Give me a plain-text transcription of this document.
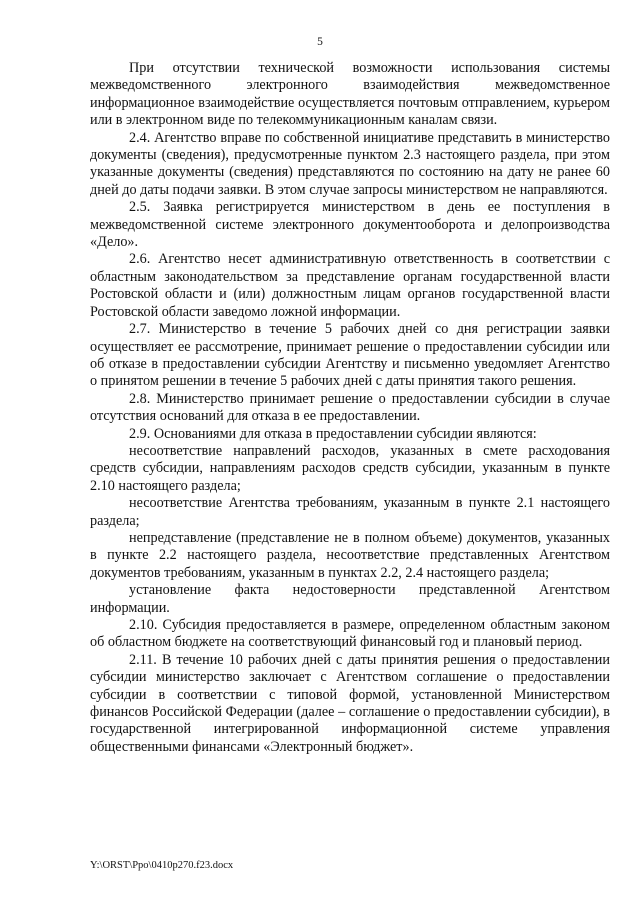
5

При отсутствии технической возможности использования системы межведомственного электронного взаимодействия межведомственное информационное взаимодействие осуществляется почтовым отправлением, курьером или в электронном виде по телекоммуникационным каналам связи.

2.4. Агентство вправе по собственной инициативе представить в министерство документы (сведения), предусмотренные пунктом 2.3 настоящего раздела, при этом указанные документы (сведения) представляются по состоянию на дату не ранее 60 дней до даты подачи заявки. В этом случае запросы министерством не направляются.

2.5. Заявка регистрируется министерством в день ее поступления в межведомственной системе электронного документооборота и делопроизводства «Дело».

2.6. Агентство несет административную ответственность в соответствии с областным законодательством за представление органам государственной власти Ростовской области и (или) должностным лицам органов государственной власти Ростовской области заведомо ложной информации.

2.7. Министерство в течение 5 рабочих дней со дня регистрации заявки осуществляет ее рассмотрение, принимает решение о предоставлении субсидии или об отказе в предоставлении субсидии Агентству и письменно уведомляет Агентство о принятом решении в течение 5 рабочих дней с даты принятия такого решения.

2.8. Министерство принимает решение о предоставлении субсидии в случае отсутствия оснований для отказа в ее предоставлении.

2.9. Основаниями для отказа в предоставлении субсидии являются:

несоответствие направлений расходов, указанных в смете расходования средств субсидии, направлениям расходов средств субсидии, указанным в пункте 2.10 настоящего раздела;

несоответствие Агентства требованиям, указанным в пункте 2.1 настоящего раздела;

непредставление (представление не в полном объеме) документов, указанных в пункте 2.2 настоящего раздела, несоответствие представленных Агентством документов требованиям, указанным в пунктах 2.2, 2.4 настоящего раздела;

установление факта недостоверности представленной Агентством информации.

2.10. Субсидия предоставляется в размере, определенном областным законом об областном бюджете на соответствующий финансовый год и плановый период.

2.11. В течение 10 рабочих дней с даты принятия решения о предоставлении субсидии министерство заключает с Агентством соглашение о предоставлении субсидии в соответствии с типовой формой, установленной Министерством финансов Российской Федерации (далее – соглашение о предоставлении субсидии), в государственной интегрированной информационной системе управления общественными финансами «Электронный бюджет».

Y:\ORST\Ppo\0410p270.f23.docx
